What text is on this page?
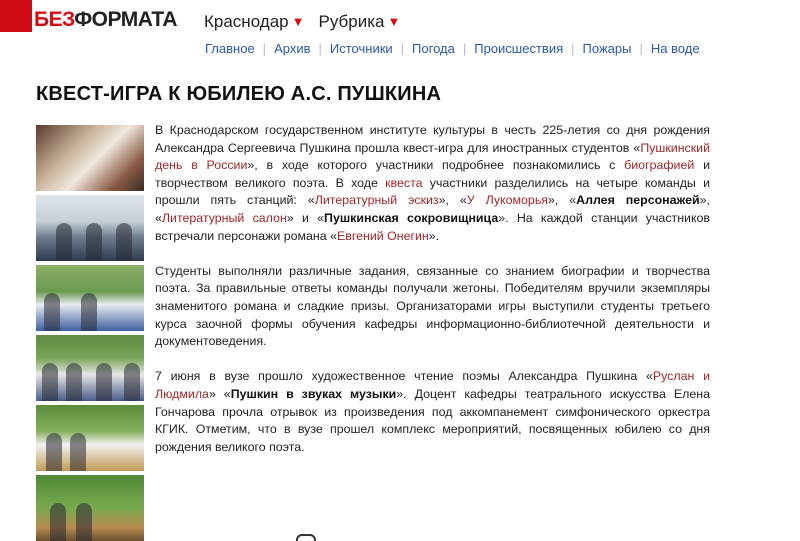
БЕЗФОРМАТА Краснодар ▼ Рубрика ▼
Главное | Архив | Источники | Погода | Происшествия | Пожары | На воде
КВЕСТ-ИГРА К ЮБИЛЕЮ А.С. ПУШКИНА

В Краснодарском государственном институте культуры в честь 225-летия со дня рождения Александра Сергеевича Пушкина прошла квест-игра для иностранных студентов «Пушкинский день в России», в ходе которого участники подробнее познакомились с биографией и творчеством великого поэта. В ходе квеста участники разделились на четыре команды и прошли пять станций: «Литературный эскиз», «У Лукоморья», «Аллея персонажей», «Литературный салон» и «Пушкинская сокровищница». На каждой станции участников встречали персонажи романа «Евгений Онегин».

Студенты выполняли различные задания, связанные со знанием биографии и творчества поэта. За правильные ответы команды получали жетоны. Победителям вручили экземпляры знаменитого романа и сладкие призы. Организаторами игры выступили студенты третьего курса заочной формы обучения кафедры информационно-библиотечной деятельности и документоведения.

7 июня в вузе прошло художественное чтение поэмы Александра Пушкина «Руслан и Людмила» «Пушкин в звуках музыки». Доцент кафедры театрального искусства Елена Гончарова прочла отрывок из произведения под аккомпанемент симфонического оркестра КГИК. Отметим, что в вузе прошел комплекс мероприятий, посвященных юбилею со дня рождения великого поэта.
